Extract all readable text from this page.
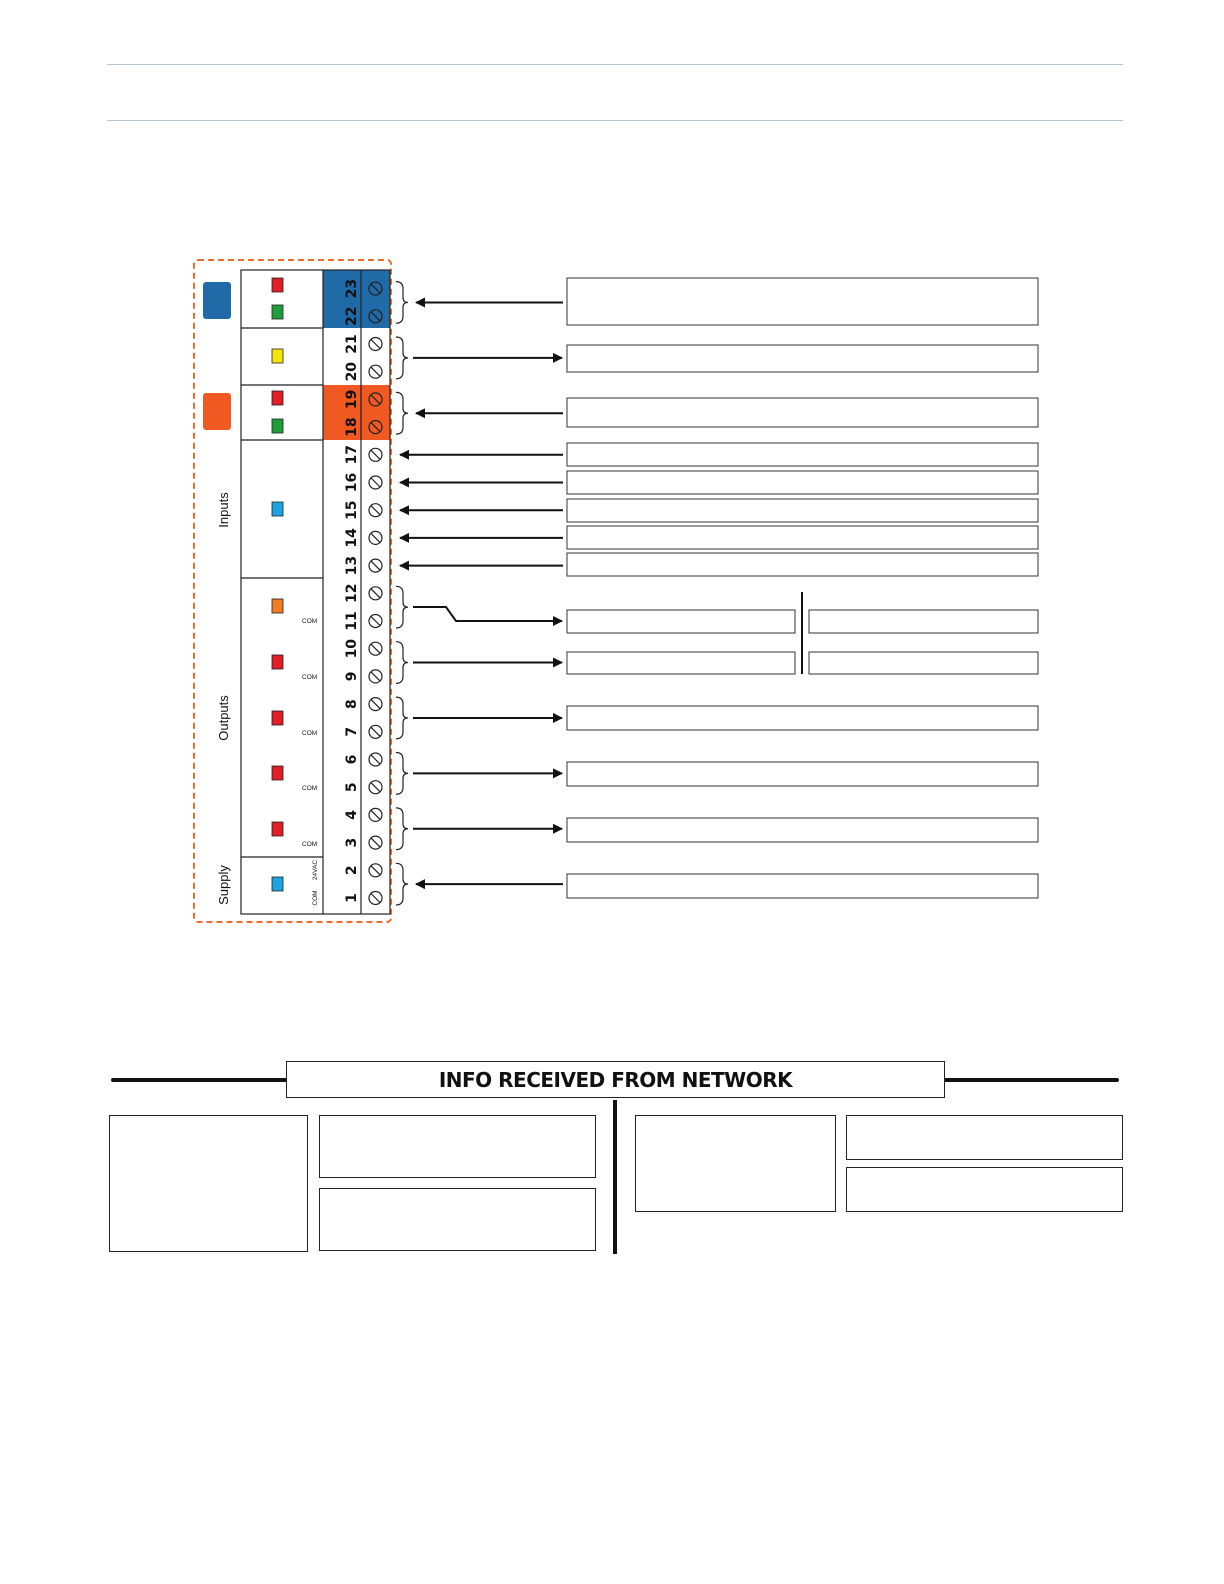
Inputs
Outputs
Supply
COM
COM
COM
COM
COM
COM
24VAC
1
2
3
4
5
6
7
8
9
10
11
12
13
14
15
16
17
18
19
20
21
22
23
INFO RECEIVED FROM NETWORK
